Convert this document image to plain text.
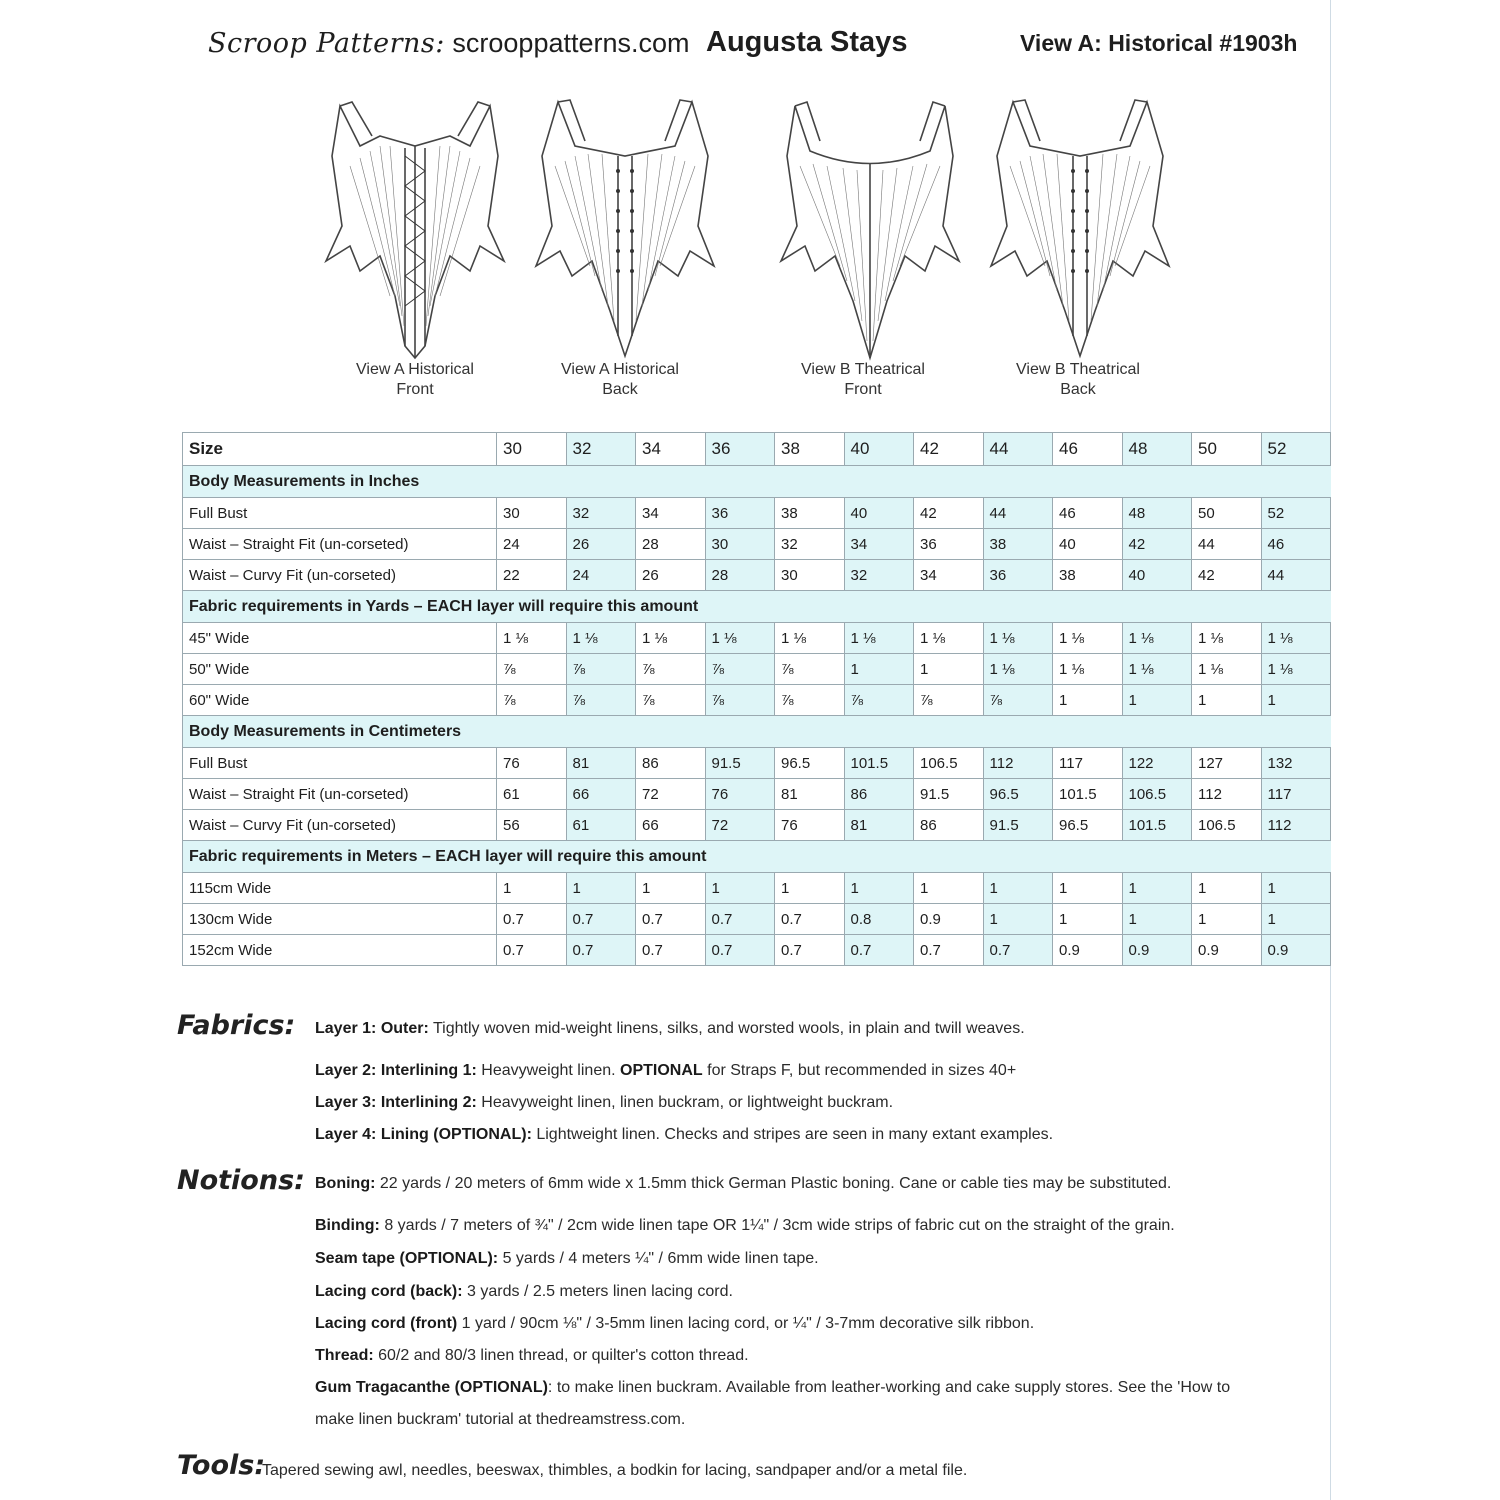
Scroop Patterns: scrooppatterns.com Augusta Stays	View A: Historical #1903h
View A Historical
Front
View A Historical
Back
View B Theatrical
Front
View B Theatrical
Back
Size	30	32	34	36	38	40	42	44	46	48	50	52
Body Measurements in Inches												
Full Bust	30	32	34	36	38	40	42	44	46	48	50	52
Waist – Straight Fit (un-corseted)	24	26	28	30	32	34	36	38	40	42	44	46
Waist – Curvy Fit (un-corseted)	22	24	26	28	30	32	34	36	38	40	42	44
Fabric requirements in Yards – EACH layer will require this amount												
45" Wide	1 ⅛	1 ⅛	1 ⅛	1 ⅛	1 ⅛	1 ⅛	1 ⅛	1 ⅛	1 ⅛	1 ⅛	1 ⅛	1 ⅛
50" Wide	⅞	⅞	⅞	⅞	⅞	1	1	1 ⅛	1 ⅛	1 ⅛	1 ⅛	1 ⅛
60" Wide	⅞	⅞	⅞	⅞	⅞	⅞	⅞	⅞	1	1	1	1
Body Measurements in Centimeters												
Full Bust	76	81	86	91.5	96.5	101.5	106.5	112	117	122	127	132
Waist – Straight Fit (un-corseted)	61	66	72	76	81	86	91.5	96.5	101.5	106.5	112	117
Waist – Curvy Fit (un-corseted)	56	61	66	72	76	81	86	91.5	96.5	101.5	106.5	112
Fabric requirements in Meters – EACH layer will require this amount												
115cm Wide	1	1	1	1	1	1	1	1	1	1	1	1
130cm Wide	0.7	0.7	0.7	0.7	0.7	0.8	0.9	1	1	1	1	1
152cm Wide	0.7	0.7	0.7	0.7	0.7	0.7	0.7	0.7	0.9	0.9	0.9	0.9
Fabrics: Layer 1: Outer: Tightly woven mid-weight linens, silks, and worsted wools, in plain and twill weaves.
Layer 2: Interlining 1: Heavyweight linen. OPTIONAL for Straps F, but recommended in sizes 40+
Layer 3: Interlining 2: Heavyweight linen, linen buckram, or lightweight buckram.
Layer 4: Lining (OPTIONAL): Lightweight linen. Checks and stripes are seen in many extant examples.
Notions: Boning: 22 yards / 20 meters of 6mm wide x 1.5mm thick German Plastic boning. Cane or cable ties may be substituted.
Binding: 8 yards / 7 meters of ¾" / 2cm wide linen tape OR 1¼" / 3cm wide strips of fabric cut on the straight of the grain.
Seam tape (OPTIONAL): 5 yards / 4 meters ¼" / 6mm wide linen tape.
Lacing cord (back): 3 yards / 2.5 meters linen lacing cord.
Lacing cord (front) 1 yard / 90cm ⅛" / 3-5mm linen lacing cord, or ¼" / 3-7mm decorative silk ribbon.
Thread: 60/2 and 80/3 linen thread, or quilter's cotton thread.
Gum Tragacanthe (OPTIONAL): to make linen buckram. Available from leather-working and cake supply stores. See the 'How to
make linen buckram' tutorial at thedreamstress.com.
Tools:
Tapered sewing awl, needles, beeswax, thimbles, a bodkin for lacing, sandpaper and/or a metal file.
